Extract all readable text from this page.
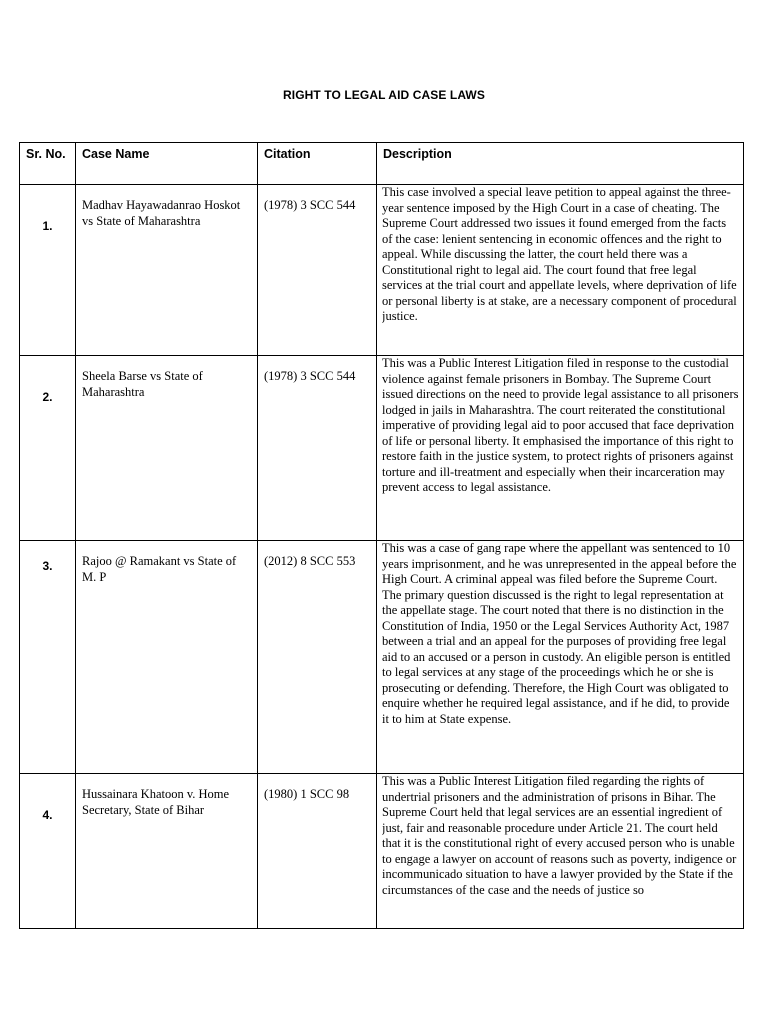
RIGHT TO LEGAL AID CASE LAWS
Sr. No.	Case Name	Citation	Description

1.	Madhav Hayawadanrao Hoskot vs State of Maharashtra	(1978) 3 SCC 544	This case involved a special leave petition to appeal against the three-year sentence imposed by the High Court in a case of cheating. The Supreme Court addressed two issues it found emerged from the facts of the case: lenient sentencing in economic offences and the right to appeal. While discussing the latter, the court held there was a Constitutional right to legal aid. The court found that free legal services at the trial court and appellate levels, where deprivation of life or personal liberty is at stake, are a necessary component of procedural justice.

2.	Sheela Barse vs State of Maharashtra	(1978) 3 SCC 544	This was a Public Interest Litigation filed in response to the custodial violence against female prisoners in Bombay. The Supreme Court issued directions on the need to provide legal assistance to all prisoners lodged in jails in Maharashtra. The court reiterated the constitutional imperative of providing legal aid to poor accused that face deprivation of life or personal liberty. It emphasised the importance of this right to restore faith in the justice system, to protect rights of prisoners against torture and ill-treatment and especially when their incarceration may prevent access to legal assistance.

3.	Rajoo @ Ramakant vs State of M. P	(2012) 8 SCC 553	This was a case of gang rape where the appellant was sentenced to 10 years imprisonment, and he was unrepresented in the appeal before the High Court. A criminal appeal was filed before the Supreme Court. The primary question discussed is the right to legal representation at the appellate stage. The court noted that there is no distinction in the Constitution of India, 1950 or the Legal Services Authority Act, 1987 between a trial and an appeal for the purposes of providing free legal aid to an accused or a person in custody. An eligible person is entitled to legal services at any stage of the proceedings which he or she is prosecuting or defending. Therefore, the High Court was obligated to enquire whether he required legal assistance, and if he did, to provide it to him at State expense.

4.	Hussainara Khatoon v. Home Secretary, State of Bihar	(1980) 1 SCC 98	This was a Public Interest Litigation filed regarding the rights of undertrial prisoners and the administration of prisons in Bihar. The Supreme Court held that legal services are an essential ingredient of just, fair and reasonable procedure under Article 21. The court held that it is the constitutional right of every accused person who is unable to engage a lawyer on account of reasons such as poverty, indigence or incommunicado situation to have a lawyer provided by the State if the circumstances of the case and the needs of justice so
